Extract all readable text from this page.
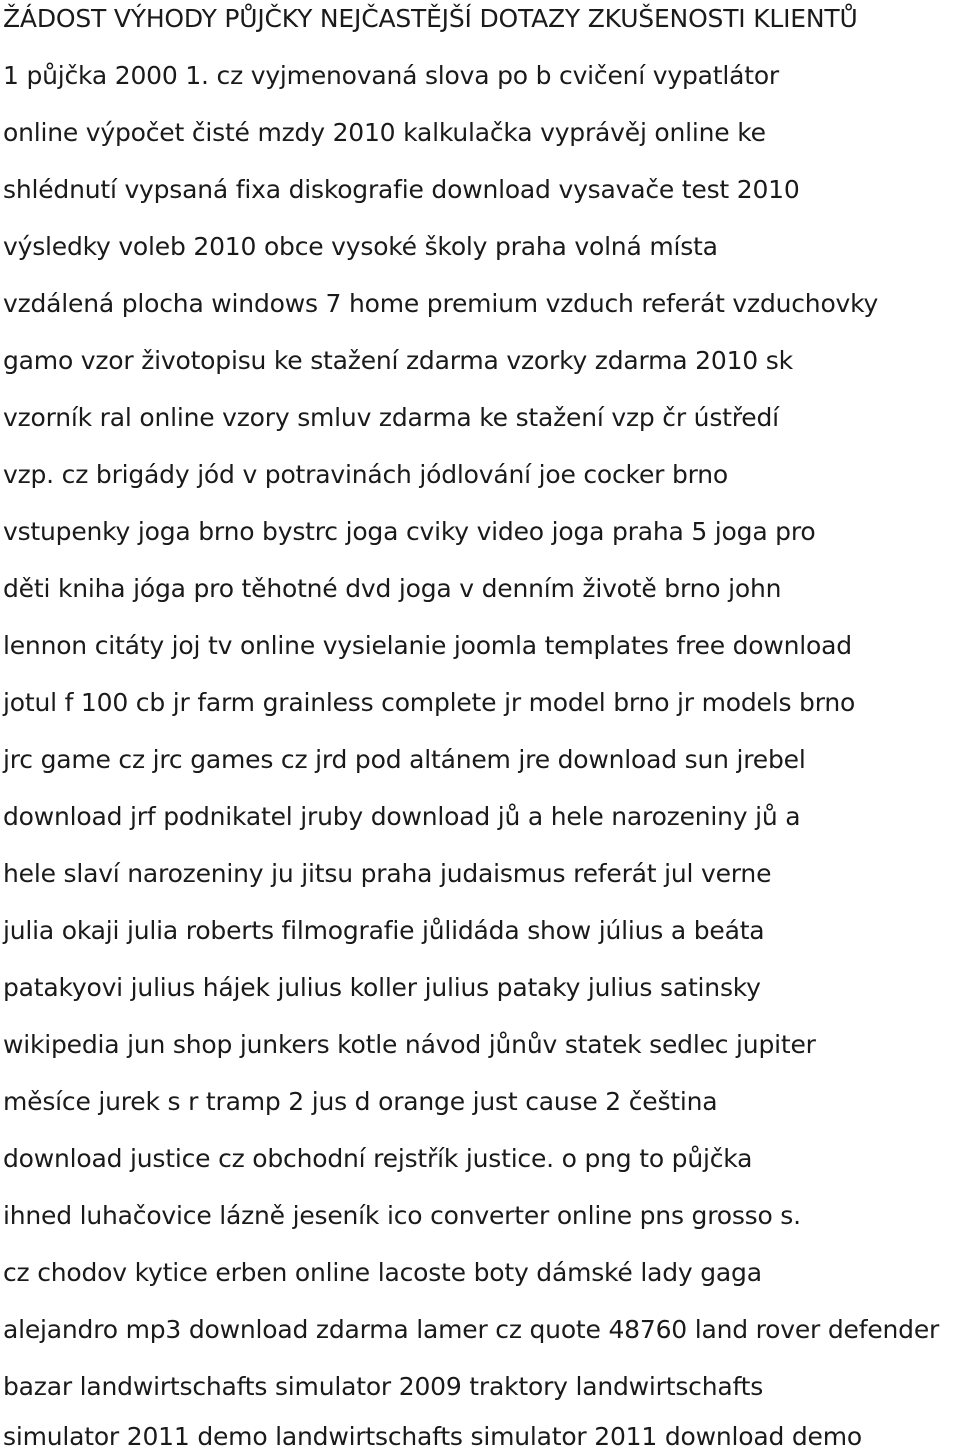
ŽÁDOST VÝHODY PŮJČKY NEJČASTĚJŠÍ DOTAZY ZKUŠENOSTI KLIENTŮ
1 půjčka 2000 1. cz vyjmenovaná slova po b cvičení vypatlátor
online výpočet čisté mzdy 2010 kalkulačka vyprávěj online ke
shlédnutí vypsaná fixa diskografie download vysavače test 2010
výsledky voleb 2010 obce vysoké školy praha volná místa
vzdálená plocha windows 7 home premium vzduch referát vzduchovky
gamo vzor životopisu ke stažení zdarma vzorky zdarma 2010 sk
vzorník ral online vzory smluv zdarma ke stažení vzp čr ústředí
vzp. cz brigády jód v potravinách jódlování joe cocker brno
vstupenky joga brno bystrc joga cviky video joga praha 5 joga pro
děti kniha jóga pro těhotné dvd joga v denním životě brno john
lennon citáty joj tv online vysielanie joomla templates free download
jotul f 100 cb jr farm grainless complete jr model brno jr models brno
jrc game cz jrc games cz jrd pod altánem jre download sun jrebel
download jrf podnikatel jruby download jů a hele narozeniny jů a
hele slaví narozeniny ju jitsu praha judaismus referát jul verne
julia okaji julia roberts filmografie jůlidáda show július a beáta
patakyovi julius hájek julius koller julius pataky julius satinsky
wikipedia jun shop junkers kotle návod jůnův statek sedlec jupiter
měsíce jurek s r tramp 2 jus d orange just cause 2 čeština
download justice cz obchodní rejstřík justice. o png to půjčka
ihned luhačovice lázně jeseník ico converter online pns grosso s.
cz chodov kytice erben online lacoste boty dámské lady gaga
alejandro mp3 download zdarma lamer cz quote 48760 land rover defender
bazar landwirtschafts simulator 2009 traktory landwirtschafts
simulator 2011 demo landwirtschafts simulator 2011 download demo
